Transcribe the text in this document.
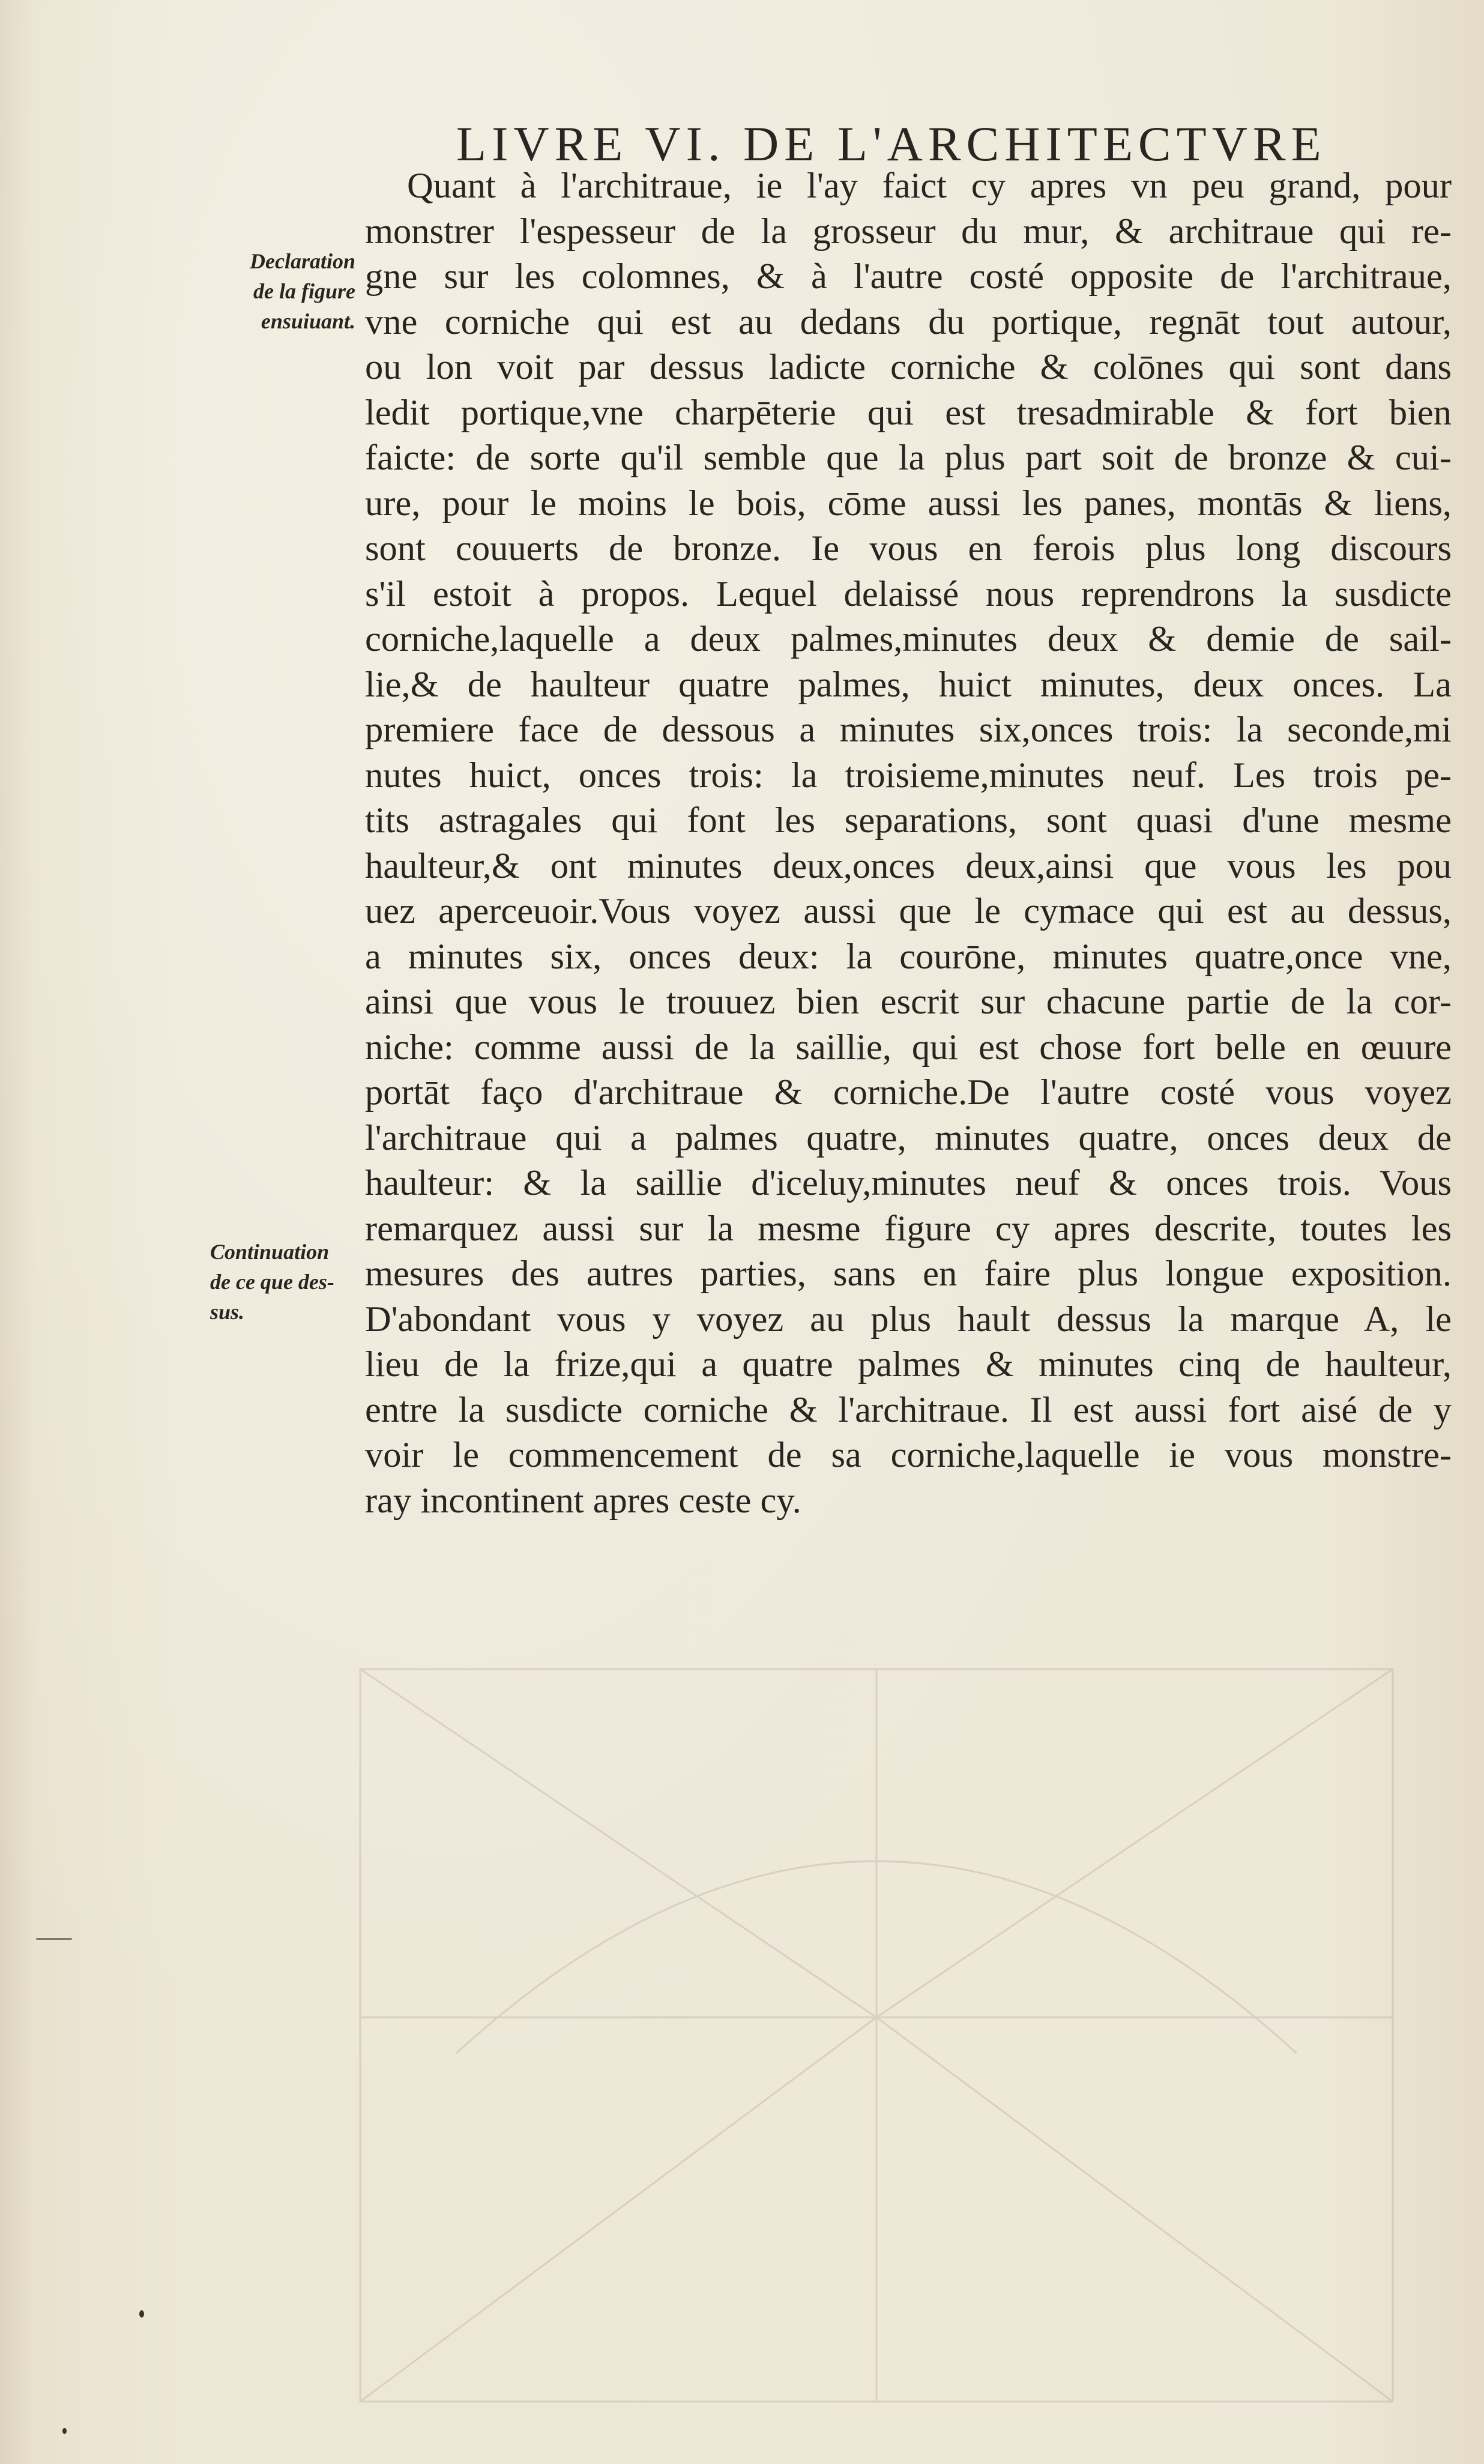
LIVRE VI. DE L'ARCHITECTVRE
Declaration
de la figure
ensuiuant.
Continuation
de ce que des-
sus.
Quant à l'architraue, ie l'ay faict cy apres vn peu grand, pour
monstrer l'espesseur de la grosseur du mur, & architraue qui re-
gne sur les colomnes, & à l'autre costé opposite de l'architraue,
vne corniche qui est au dedans du portique, regnāt tout autour,
ou lon voit par dessus ladicte corniche & colōnes qui sont dans
ledit portique,vne charpēterie qui est tresadmirable & fort bien
faicte: de sorte qu'il semble que la plus part soit de bronze & cui-
ure, pour le moins le bois, cōme aussi les panes, montās & liens,
sont couuerts de bronze. Ie vous en ferois plus long discours
s'il estoit à propos. Lequel delaissé nous reprendrons la susdicte
corniche,laquelle a deux palmes,minutes deux & demie de sail-
lie,& de haulteur quatre palmes, huict minutes, deux onces. La
premiere face de dessous a minutes six,onces trois: la seconde,mi
nutes huict, onces trois: la troisieme,minutes neuf. Les trois pe-
tits astragales qui font les separations, sont quasi d'une mesme
haulteur,& ont minutes deux,onces deux,ainsi que vous les pou
uez aperceuoir.Vous voyez aussi que le cymace qui est au dessus,
a minutes six, onces deux: la courōne, minutes quatre,once vne,
ainsi que vous le trouuez bien escrit sur chacune partie de la cor-
niche: comme aussi de la saillie, qui est chose fort belle en œuure
portāt faço d'architraue & corniche.De l'autre costé vous voyez
l'architraue qui a palmes quatre, minutes quatre, onces deux de
haulteur: & la saillie d'iceluy,minutes neuf & onces trois. Vous
remarquez aussi sur la mesme figure cy apres descrite, toutes les
mesures des autres parties, sans en faire plus longue exposition.
D'abondant vous y voyez au plus hault dessus la marque A, le
lieu de la frize,qui a quatre palmes & minutes cinq de haulteur,
entre la susdicte corniche & l'architraue. Il est aussi fort aisé de y
voir le commencement de sa corniche,laquelle ie vous monstre-
ray incontinent apres ceste cy.
